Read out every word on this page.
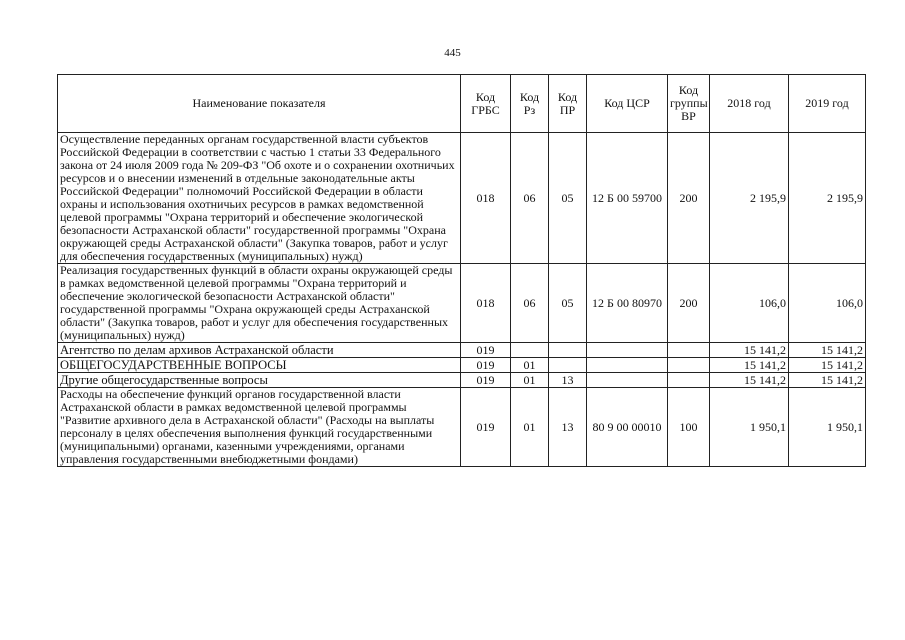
445
Наименование показателя	Код ГРБС	Код Рз	Код ПР	Код ЦСР	Код группы ВР	2018 год	2019 год
Осуществление переданных органам государственной власти субъектов Российской Федерации в соответствии с частью 1 статьи 33 Федерального закона от 24 июля 2009 года № 209-ФЗ "Об охоте и о сохранении охотничьих ресурсов и о внесении изменений в отдельные законодательные акты Российской Федерации" полномочий Российской Федерации в области охраны и использования охотничьих ресурсов в рамках ведомственной целевой программы "Охрана территорий и обеспечение экологической безопасности Астраханской области" государственной программы "Охрана окружающей среды Астраханской области" (Закупка товаров, работ и услуг для обеспечения государственных (муниципальных) нужд)	018	06	05	12 Б 00 59700	200	2 195,9	2 195,9
Реализация государственных функций в области охраны окружающей среды в рамках ведомственной целевой программы "Охрана территорий и обеспечение экологической безопасности Астраханской области" государственной программы "Охрана окружающей среды Астраханской области" (Закупка товаров, работ и услуг для обеспечения государственных (муниципальных) нужд)	018	06	05	12 Б 00 80970	200	106,0	106,0
Агентство по делам архивов Астраханской области	019					15 141,2	15 141,2
ОБЩЕГОСУДАРСТВЕННЫЕ ВОПРОСЫ	019	01				15 141,2	15 141,2
Другие общегосударственные вопросы	019	01	13			15 141,2	15 141,2
Расходы на обеспечение функций органов государственной власти Астраханской области в рамках ведомственной целевой программы "Развитие архивного дела в Астраханской области" (Расходы на выплаты персоналу в целях обеспечения выполнения функций государственными (муниципальными) органами, казенными учреждениями, органами управления государственными внебюджетными фондами)	019	01	13	80 9 00 00010	100	1 950,1	1 950,1
